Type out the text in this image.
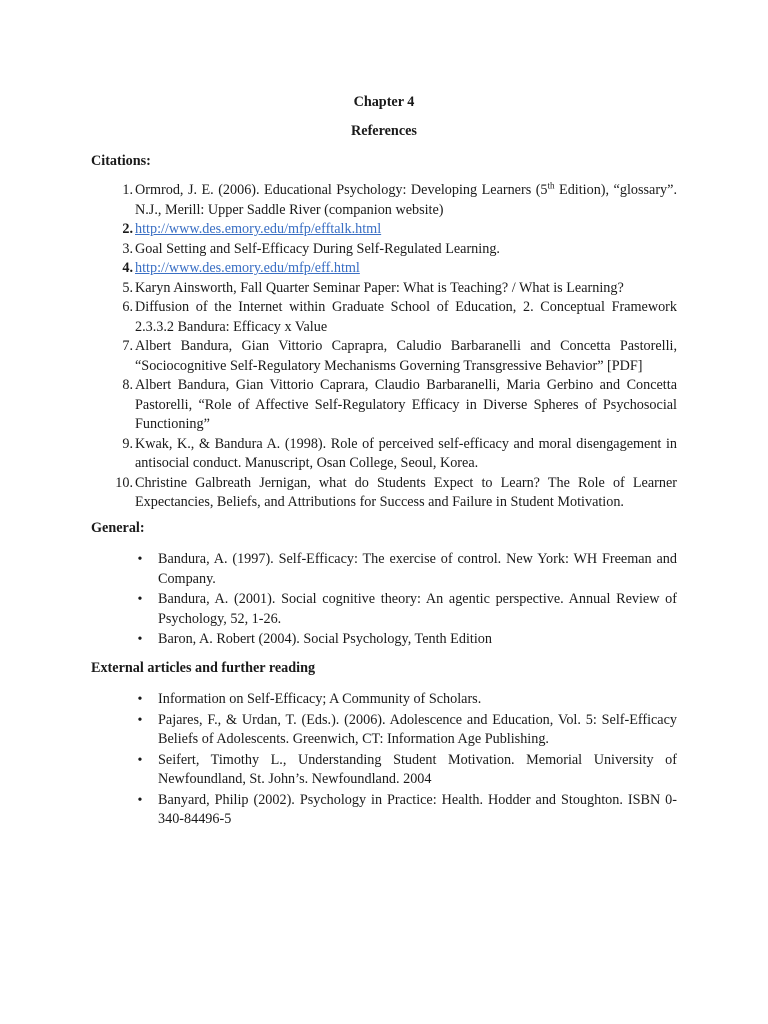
Chapter 4
References
Citations:
1. Ormrod, J. E. (2006). Educational Psychology: Developing Learners (5th Edition), “glossary”. N.J., Merill: Upper Saddle River (companion website)
2. http://www.des.emory.edu/mfp/efftalk.html
3. Goal Setting and Self-Efficacy During Self-Regulated Learning.
4. http://www.des.emory.edu/mfp/eff.html
5. Karyn Ainsworth, Fall Quarter Seminar Paper: What is Teaching? / What is Learning?
6. Diffusion of the Internet within Graduate School of Education, 2. Conceptual Framework 2.3.3.2 Bandura: Efficacy x Value
7. Albert Bandura, Gian Vittorio Caprapra, Caludio Barbaranelli and Concetta Pastorelli, “Sociocognitive Self-Regulatory Mechanisms Governing Transgressive Behavior” [PDF]
8. Albert Bandura, Gian Vittorio Caprara, Claudio Barbaranelli, Maria Gerbino and Concetta Pastorelli, “Role of Affective Self-Regulatory Efficacy in Diverse Spheres of Psychosocial Functioning”
9. Kwak, K., & Bandura A. (1998). Role of perceived self-efficacy and moral disengagement in antisocial conduct. Manuscript, Osan College, Seoul, Korea.
10. Christine Galbreath Jernigan, what do Students Expect to Learn? The Role of Learner Expectancies, Beliefs, and Attributions for Success and Failure in Student Motivation.
General:
• Bandura, A. (1997). Self-Efficacy: The exercise of control. New York: WH Freeman and Company.
• Bandura, A. (2001). Social cognitive theory: An agentic perspective. Annual Review of Psychology, 52, 1-26.
• Baron, A. Robert (2004). Social Psychology, Tenth Edition
External articles and further reading
• Information on Self-Efficacy; A Community of Scholars.
• Pajares, F., & Urdan, T. (Eds.). (2006). Adolescence and Education, Vol. 5: Self-Efficacy Beliefs of Adolescents. Greenwich, CT: Information Age Publishing.
• Seifert, Timothy L., Understanding Student Motivation. Memorial University of Newfoundland, St. John’s. Newfoundland. 2004
• Banyard, Philip (2002). Psychology in Practice: Health. Hodder and Stoughton. ISBN 0-340-84496-5
